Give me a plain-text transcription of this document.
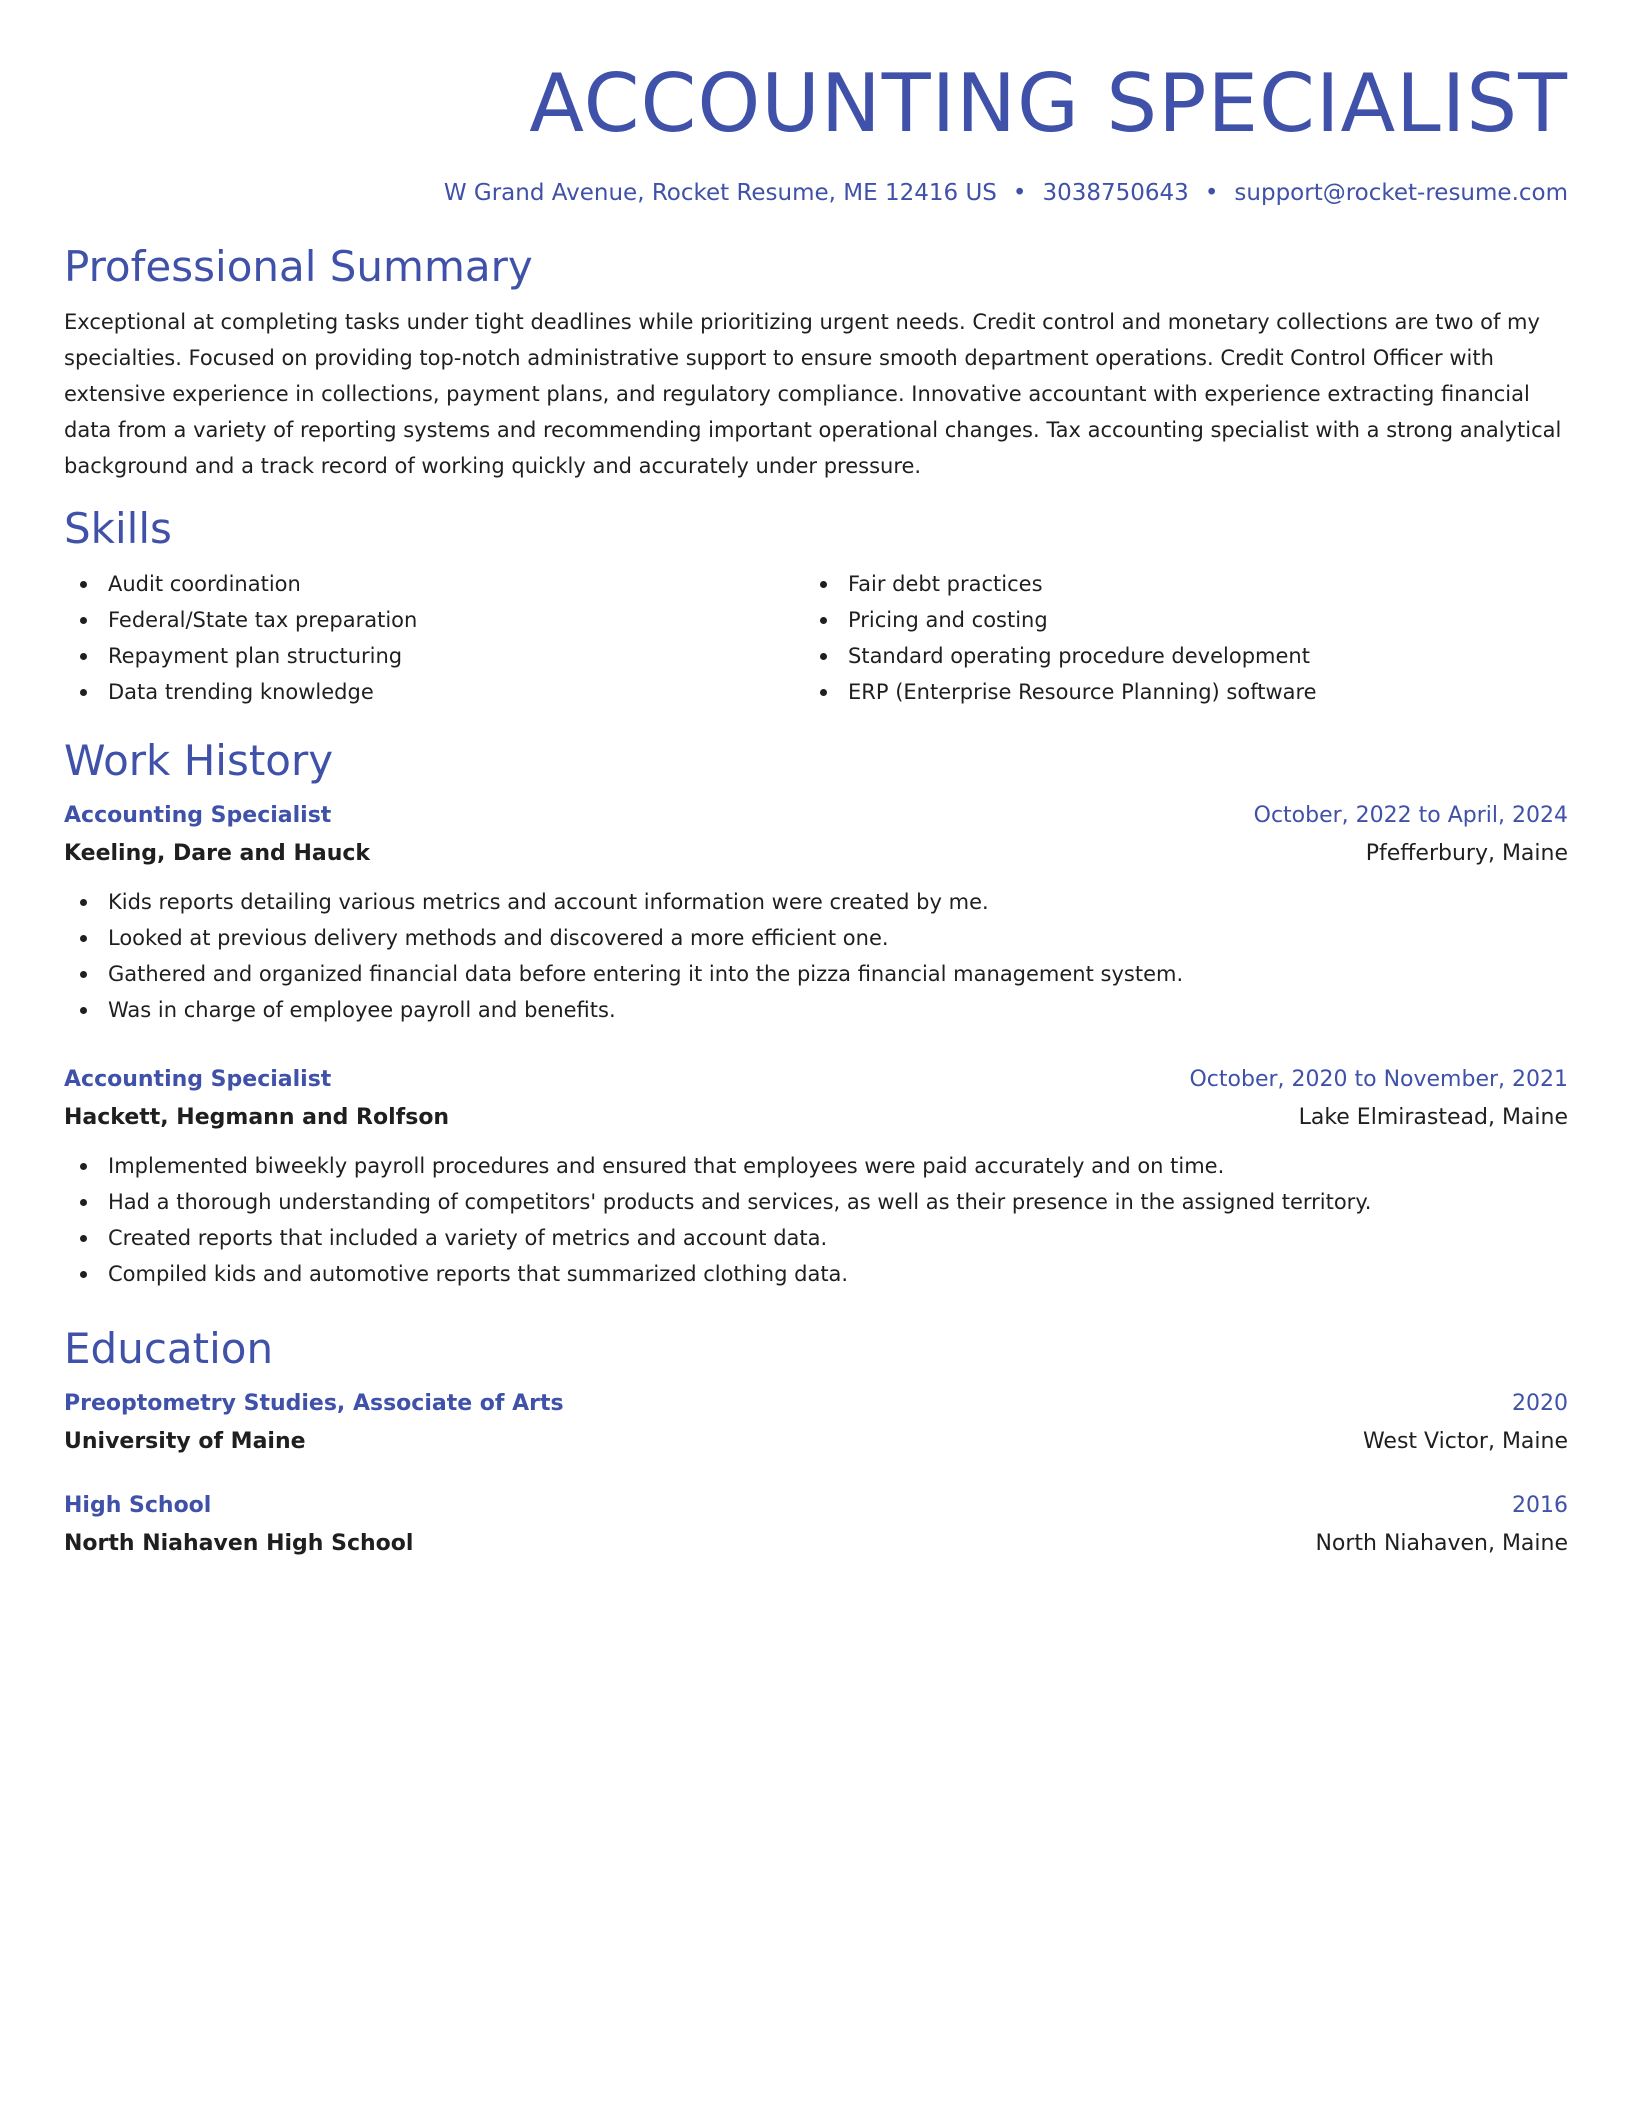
ACCOUNTING SPECIALIST
W Grand Avenue, Rocket Resume, ME 12416 US • 3038750643 • support@rocket-resume.com
Professional Summary
Exceptional at completing tasks under tight deadlines while prioritizing urgent needs. Credit control and monetary collections are two of my specialties. Focused on providing top-notch administrative support to ensure smooth department operations. Credit Control Officer with extensive experience in collections, payment plans, and regulatory compliance. Innovative accountant with experience extracting financial data from a variety of reporting systems and recommending important operational changes. Tax accounting specialist with a strong analytical background and a track record of working quickly and accurately under pressure.
Skills
Audit coordination
Federal/State tax preparation
Repayment plan structuring
Data trending knowledge
Fair debt practices
Pricing and costing
Standard operating procedure development
ERP (Enterprise Resource Planning) software
Work History
Accounting Specialist	October, 2022 to April, 2024
Keeling, Dare and Hauck	Pfefferbury, Maine
Kids reports detailing various metrics and account information were created by me.
Looked at previous delivery methods and discovered a more efficient one.
Gathered and organized financial data before entering it into the pizza financial management system.
Was in charge of employee payroll and benefits.
Accounting Specialist	October, 2020 to November, 2021
Hackett, Hegmann and Rolfson	Lake Elmirastead, Maine
Implemented biweekly payroll procedures and ensured that employees were paid accurately and on time.
Had a thorough understanding of competitors' products and services, as well as their presence in the assigned territory.
Created reports that included a variety of metrics and account data.
Compiled kids and automotive reports that summarized clothing data.
Education
Preoptometry Studies, Associate of Arts	2020
University of Maine	West Victor, Maine
High School	2016
North Niahaven High School	North Niahaven, Maine
